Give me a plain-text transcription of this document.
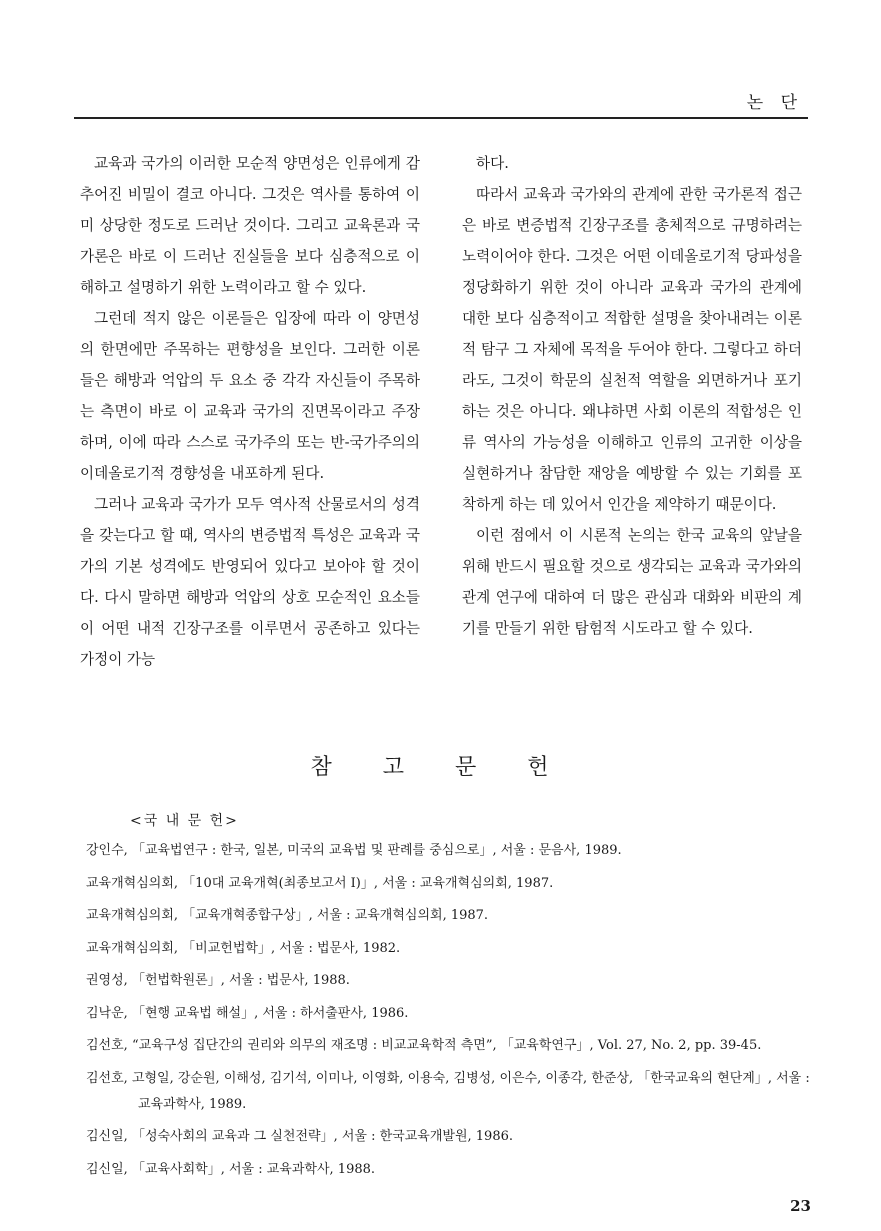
논 단

교육과 국가의 이러한 모순적 양면성은 인류에게 감추어진 비밀이 결코 아니다. 그것은 역사를 통하여 이미 상당한 정도로 드러난 것이다. 그리고 교육론과 국가론은 바로 이 드러난 진실들을 보다 심층적으로 이해하고 설명하기 위한 노력이라고 할 수 있다.

그런데 적지 않은 이론들은 입장에 따라 이 양면성의 한면에만 주목하는 편향성을 보인다. 그러한 이론들은 해방과 억압의 두 요소 중 각각 자신들이 주목하는 측면이 바로 이 교육과 국가의 진면목이라고 주장하며, 이에 따라 스스로 국가주의 또는 반-국가주의의 이데올로기적 경향성을 내포하게 된다.

그러나 교육과 국가가 모두 역사적 산물로서의 성격을 갖는다고 할 때, 역사의 변증법적 특성은 교육과 국가의 기본 성격에도 반영되어 있다고 보아야 할 것이다. 다시 말하면 해방과 억압의 상호 모순적인 요소들이 어떤 내적 긴장구조를 이루면서 공존하고 있다는 가정이 가능

하다.

따라서 교육과 국가와의 관계에 관한 국가론적 접근은 바로 변증법적 긴장구조를 총체적으로 규명하려는 노력이어야 한다. 그것은 어떤 이데올로기적 당파성을 정당화하기 위한 것이 아니라 교육과 국가의 관계에 대한 보다 심층적이고 적합한 설명을 찾아내려는 이론적 탐구 그 자체에 목적을 두어야 한다. 그렇다고 하더라도, 그것이 학문의 실천적 역할을 외면하거나 포기하는 것은 아니다. 왜냐하면 사회 이론의 적합성은 인류 역사의 가능성을 이해하고 인류의 고귀한 이상을 실현하거나 참담한 재앙을 예방할 수 있는 기회를 포착하게 하는 데 있어서 인간을 제약하기 때문이다.

이런 점에서 이 시론적 논의는 한국 교육의 앞날을 위해 반드시 필요할 것으로 생각되는 교육과 국가와의 관계 연구에 대하여 더 많은 관심과 대화와 비판의 계기를 만들기 위한 탐험적 시도라고 할 수 있다.

참 고 문 헌
<국 내 문 헌>
강인수, 「교육법연구 : 한국, 일본, 미국의 교육법 및 판례를 중심으로」, 서울 : 문음사, 1989.
교육개혁심의회, 「10대 교육개혁(최종보고서 I)」, 서울 : 교육개혁심의회, 1987.
교육개혁심의회, 「교육개혁종합구상」, 서울 : 교육개혁심의회, 1987.
교육개혁심의회, 「비교헌법학」, 서울 : 법문사, 1982.
권영성, 「헌법학원론」, 서울 : 법문사, 1988.
김낙운, 「현행 교육법 해설」, 서울 : 하서출판사, 1986.
김선호, “교육구성 집단간의 권리와 의무의 재조명 : 비교교육학적 측면”, 「교육학연구」, Vol. 27, No. 2, pp. 39-45.
김선호, 고형일, 강순원, 이해성, 김기석, 이미나, 이영화, 이용숙, 김병성, 이은수, 이종각, 한준상, 「한국교육의 현단계」, 서울 : 교육과학사, 1989.
김신일, 「성숙사회의 교육과 그 실천전략」, 서울 : 한국교육개발원, 1986.
김신일, 「교육사회학」, 서울 : 교육과학사, 1988.
23
